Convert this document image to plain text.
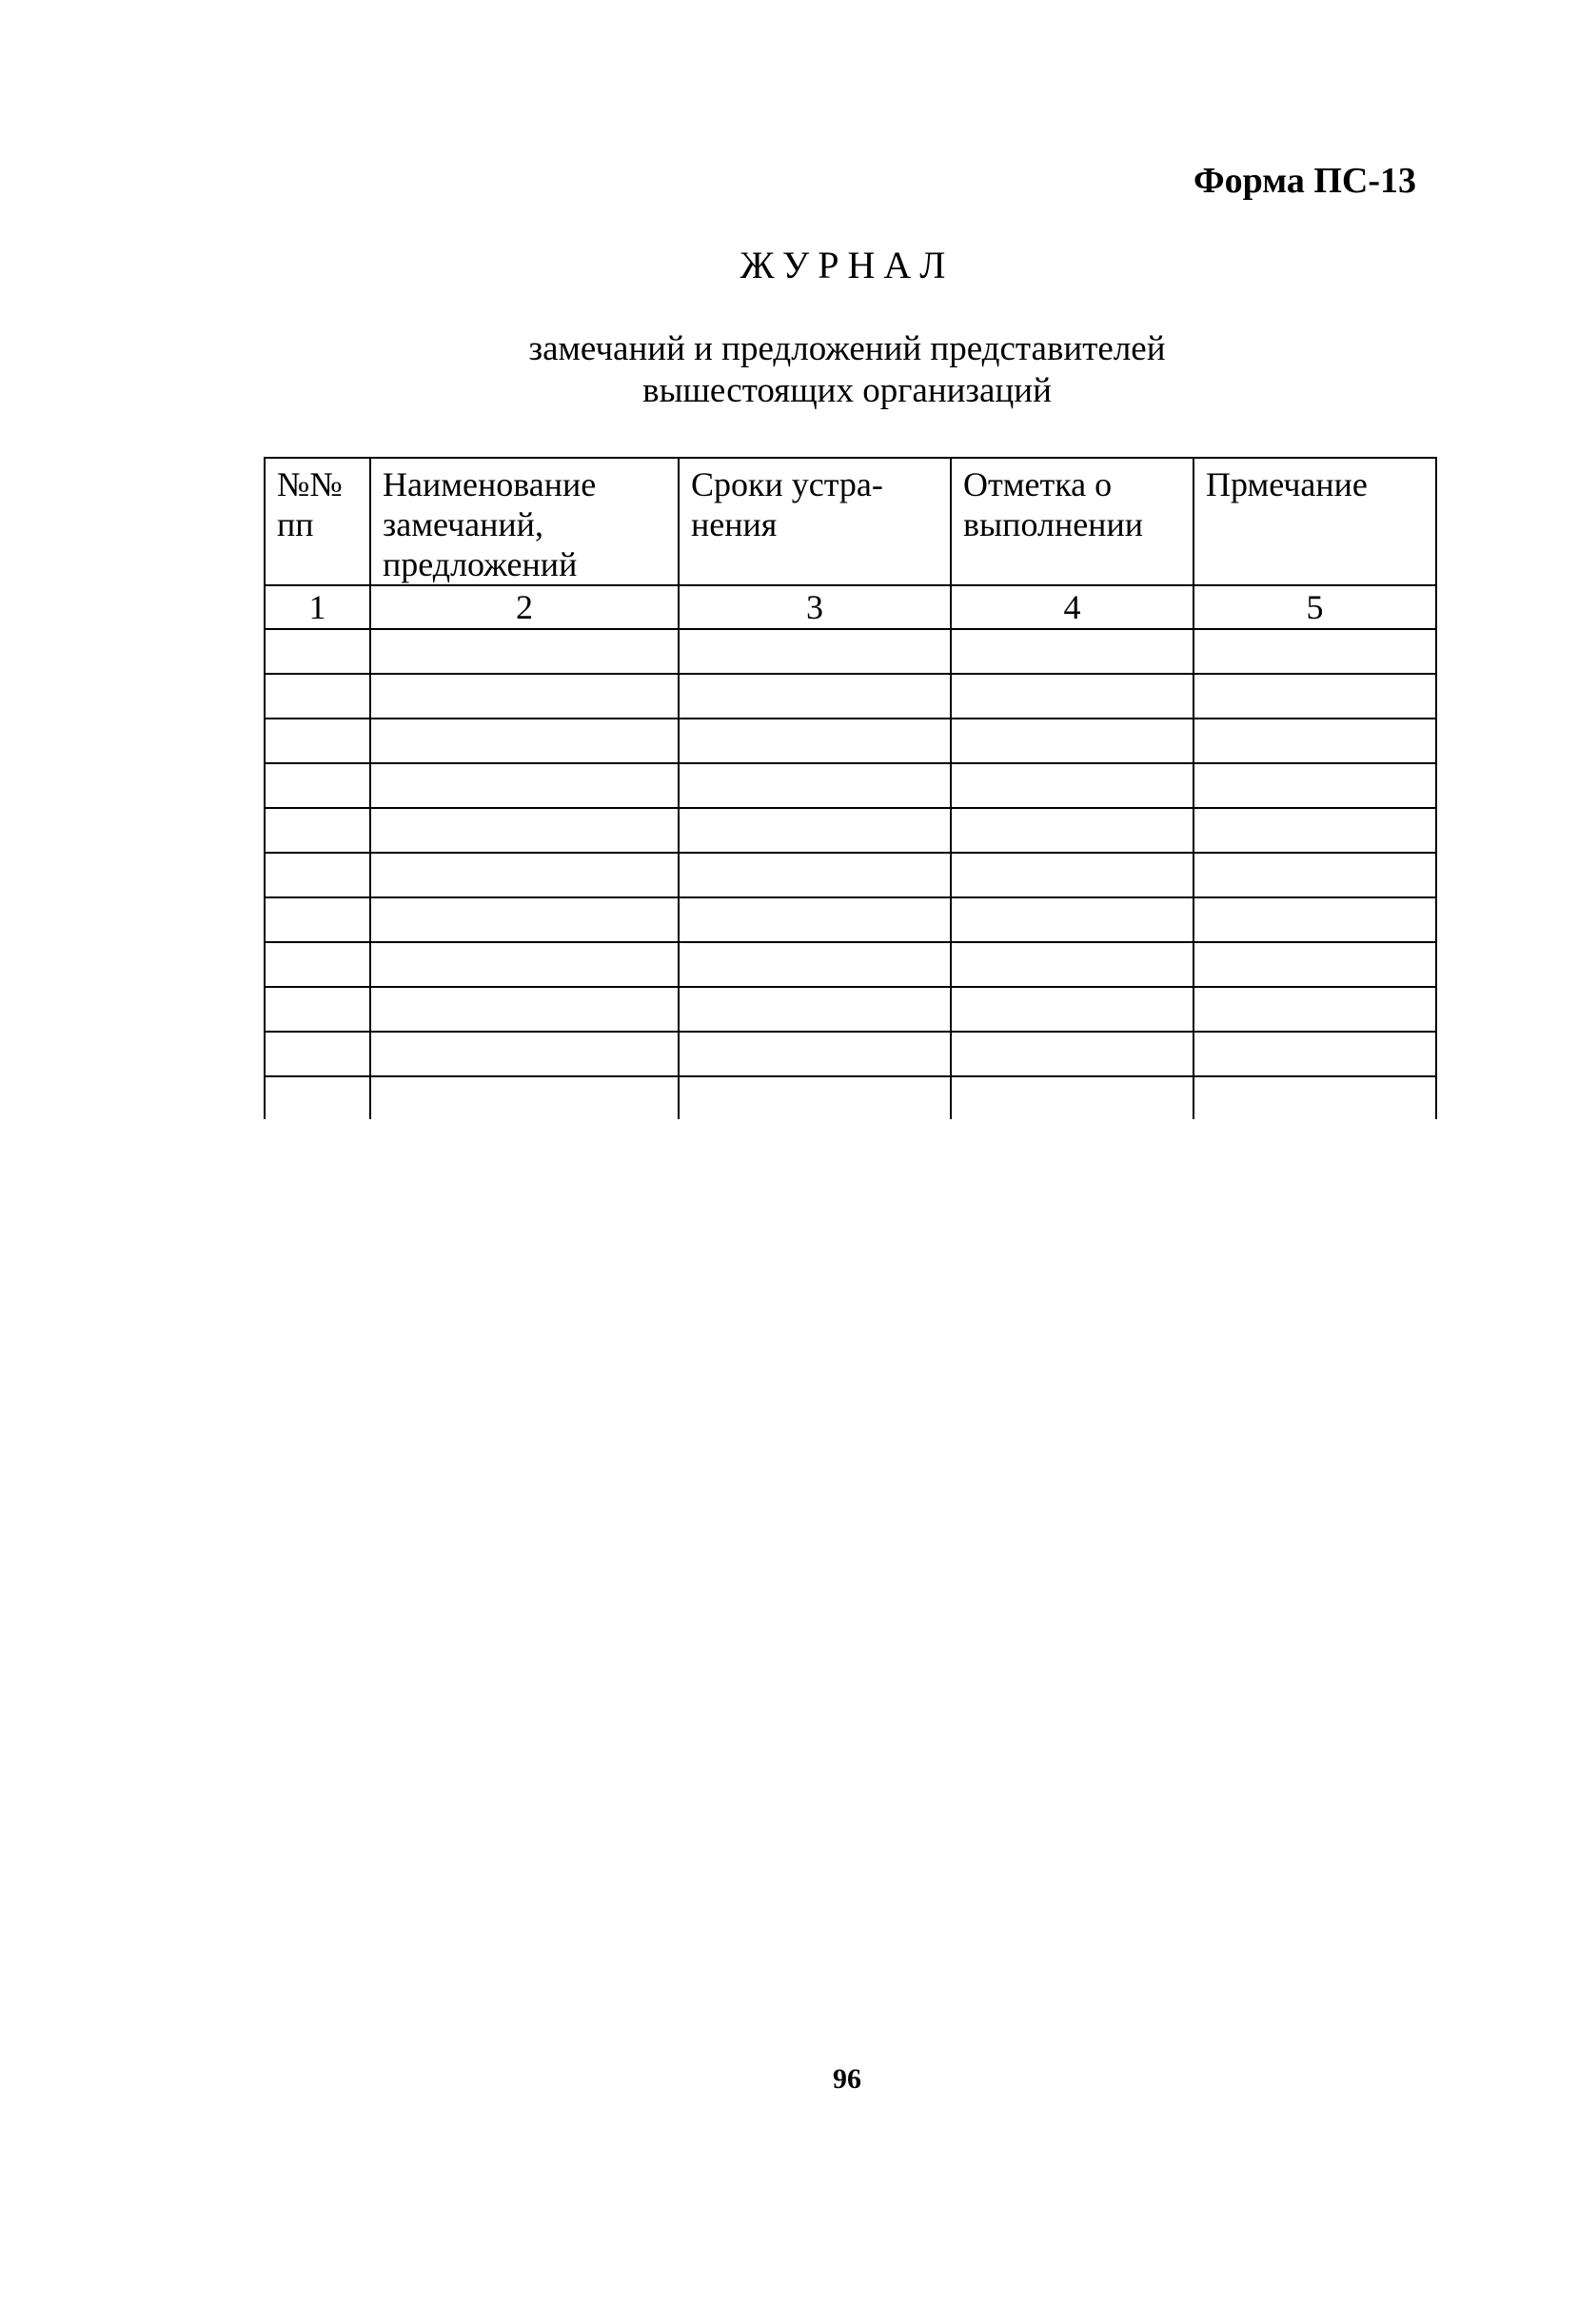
Форма ПС-13
ЖУРНАЛ
замечаний и предложений представителей
вышестоящих организаций
№№ пп	Наименование замечаний, предложений	Сроки устра-нения	Отметка о выполнении	Прмечание
1	2	3	4	5

96
